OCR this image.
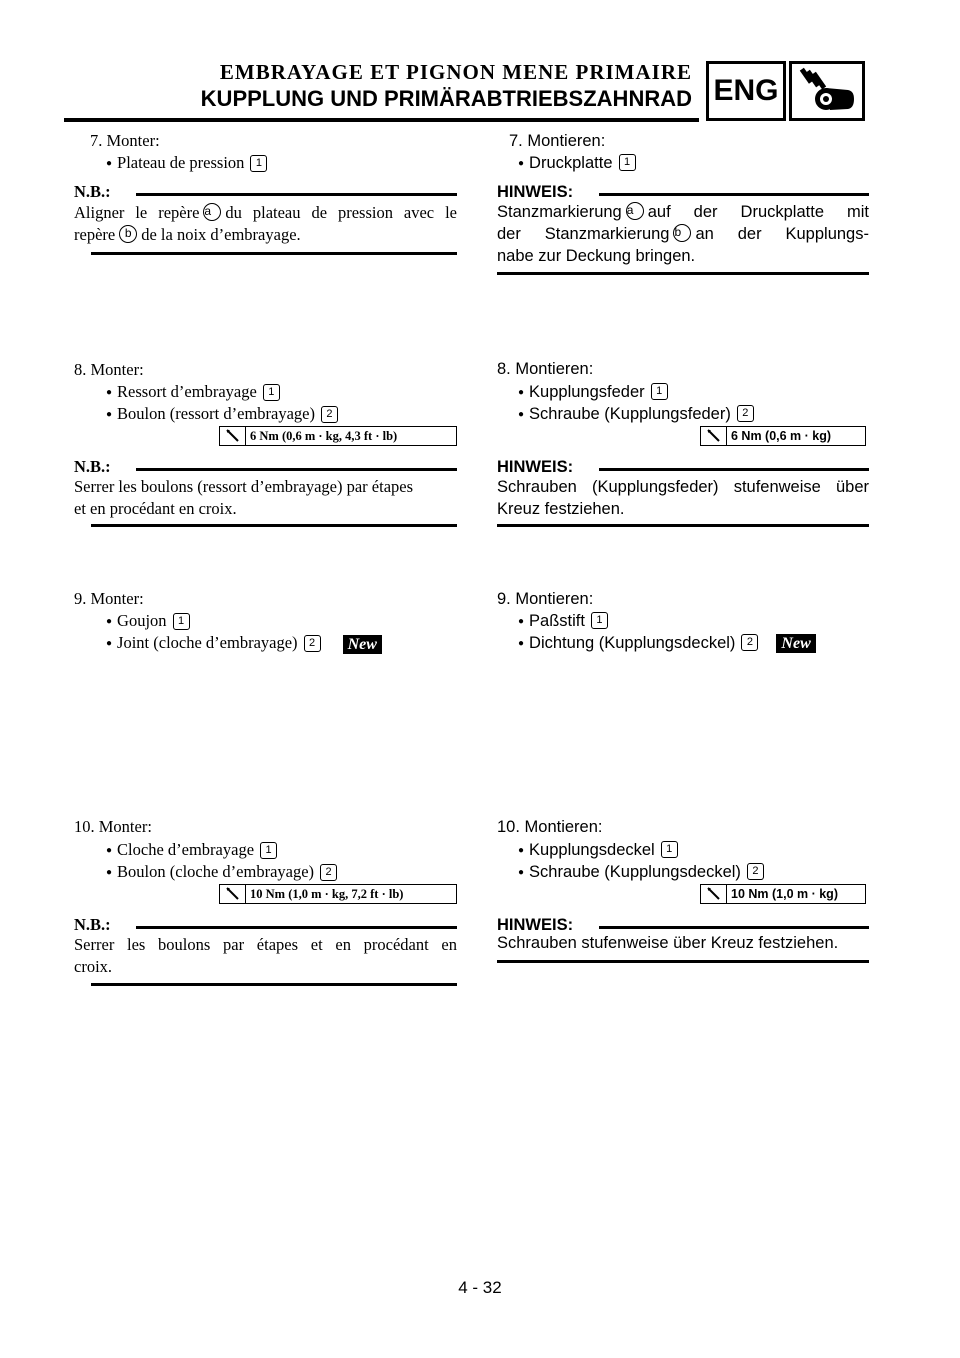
EMBRAYAGE ET PIGNON MENE PRIMAIRE
KUPPLUNG UND PRIMÄRABTRIEBSZAHNRAD ENG
7. Monter:
● Plateau de pression 1
N.B.:
Aligner le repère a du plateau de pression avec le
repère b de la noix d’embrayage.
8. Monter:
● Ressort d’embrayage 1
● Boulon (ressort d’embrayage) 2
6 Nm (0,6 m · kg, 4,3 ft · lb)
N.B.:
Serrer les boulons (ressort d’embrayage) par étapes
et en procédant en croix.
9. Monter:
● Goujon 1
● Joint (cloche d’embrayage) 2 New
10. Monter:
● Cloche d’embrayage 1
● Boulon (cloche d’embrayage) 2
10 Nm (1,0 m · kg, 7,2 ft · lb)
N.B.:
Serrer les boulons par étapes et en procédant en
croix.
7. Montieren:
● Druckplatte 1
HINWEIS:
Stanzmarkierung a auf der Druckplatte mit
der Stanzmarkierung b an der Kupplungs-
nabe zur Deckung bringen.
8. Montieren:
● Kupplungsfeder 1
● Schraube (Kupplungsfeder) 2
6 Nm (0,6 m · kg)
HINWEIS:
Schrauben (Kupplungsfeder) stufenweise über
Kreuz festziehen.
9. Montieren:
● Paßstift 1
● Dichtung (Kupplungsdeckel) 2 New
10. Montieren:
● Kupplungsdeckel 1
● Schraube (Kupplungsdeckel) 2
10 Nm (1,0 m · kg)
HINWEIS:
Schrauben stufenweise über Kreuz festziehen.
4 - 32
